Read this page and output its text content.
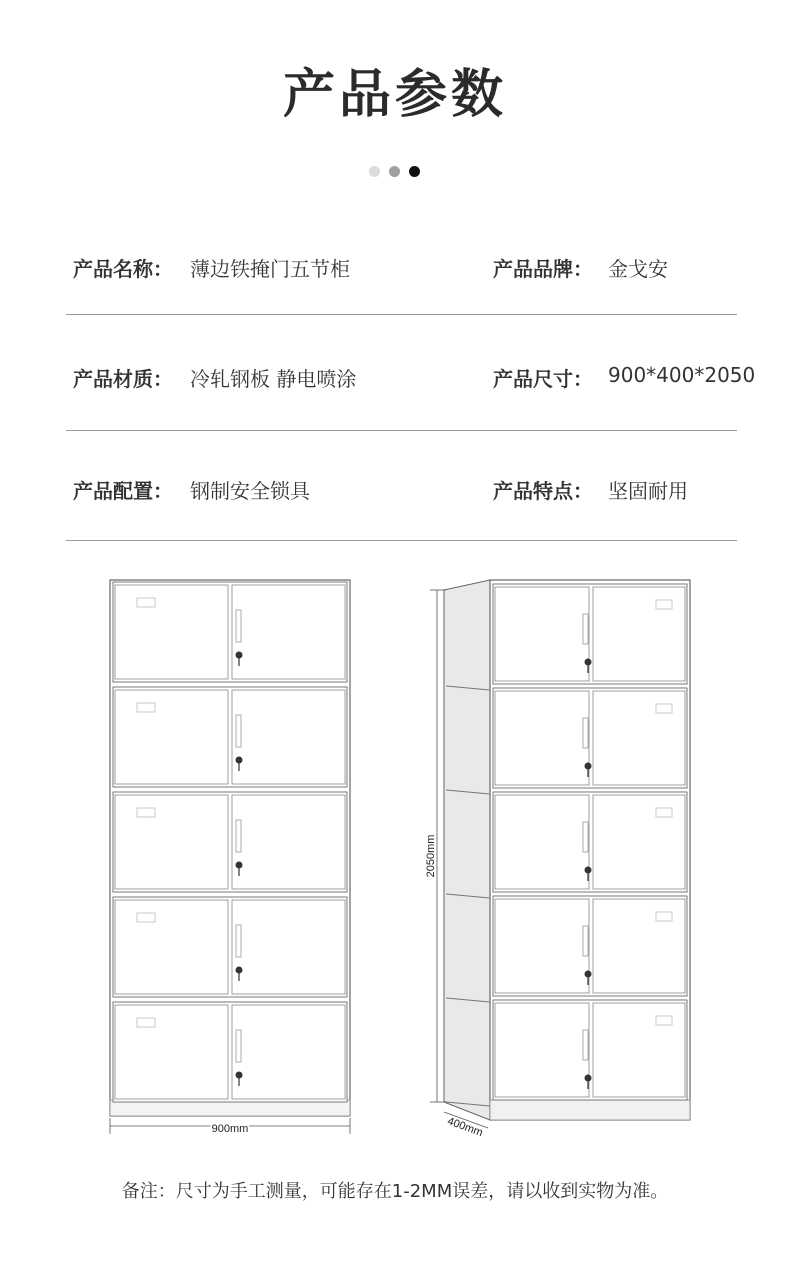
产品参数
产品名称： 薄边铁掩门五节柜	产品品牌： 金戈安
产品材质： 冷轧钢板 静电喷涂	产品尺寸： 900*400*2050
产品配置： 钢制安全锁具	产品特点： 坚固耐用
900mm
2050mm
400mm
备注：尺寸为手工测量，可能存在1-2MM误差，请以收到实物为准。
